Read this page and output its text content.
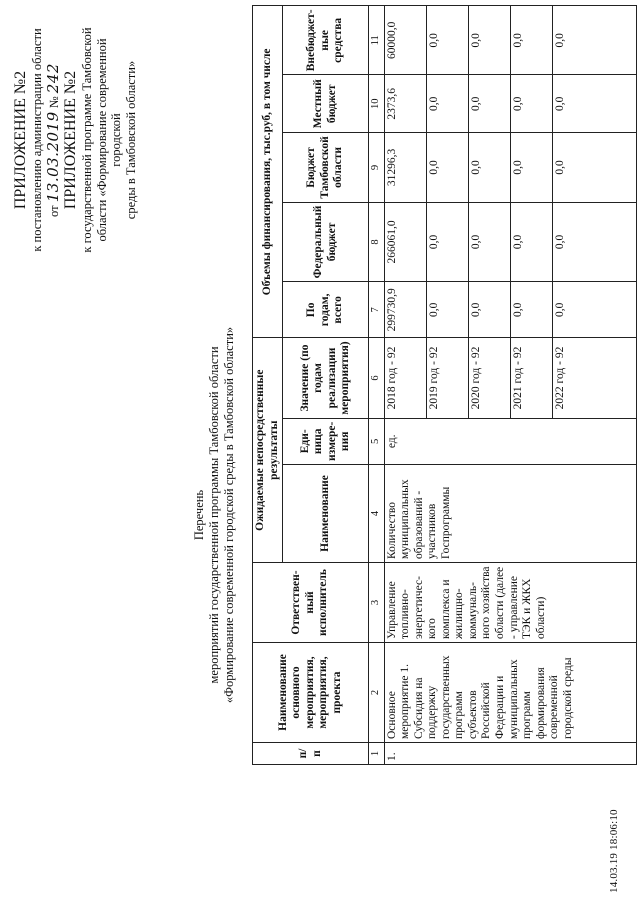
14.03.19 18:06:10
ПРИЛОЖЕНИЕ №2 к постановлению администрации области от 13.03.2019 № 242 ПРИЛОЖЕНИЕ №2 к государственной программе Тамбовской области «Формирование современной городской среды в Тамбовской области»
Перечень мероприятий государственной программы Тамбовской области «Формирование современной городской среды в Тамбовской области»
п/п	Наименование основного мероприятия, мероприятия, проекта	Ответствен-ный исполнитель	Ожидаемые непосредственные результаты			Объемы финансирования, тыс.руб, в том числе				
			Наименование	Еди-ница измере-ния	Значение (по годам реализации мероприятия)	По годам, всего	Федеральный бюджет	Бюджет Тамбовской области	Местный бюджет	Внебюджет-ные средства
1	2	3	4	5	6	7	8	9	10	11
1.	Основное мероприятие 1. Субсидия на поддержку государственных программ субъектов Российской Федерации и муниципальных программ формирования современной городской среды	Управление топливно-энергетичес-кого комплекса и жилищно-коммуналь-ного хозяйства области (далее - управление ТЭК и ЖКХ области)	Количество муниципальных образований - участников Госпрограммы	ед.	2018 год - 92	299730,9	266061,0	31296,3	2373,6	60000,0
					2019 год - 92	0,0	0,0	0,0	0,0	0,0
					2020 год - 92	0,0	0,0	0,0	0,0	0,0
					2021 год - 92	0,0	0,0	0,0	0,0	0,0
					2022 год - 92	0,0	0,0	0,0	0,0	0,0
